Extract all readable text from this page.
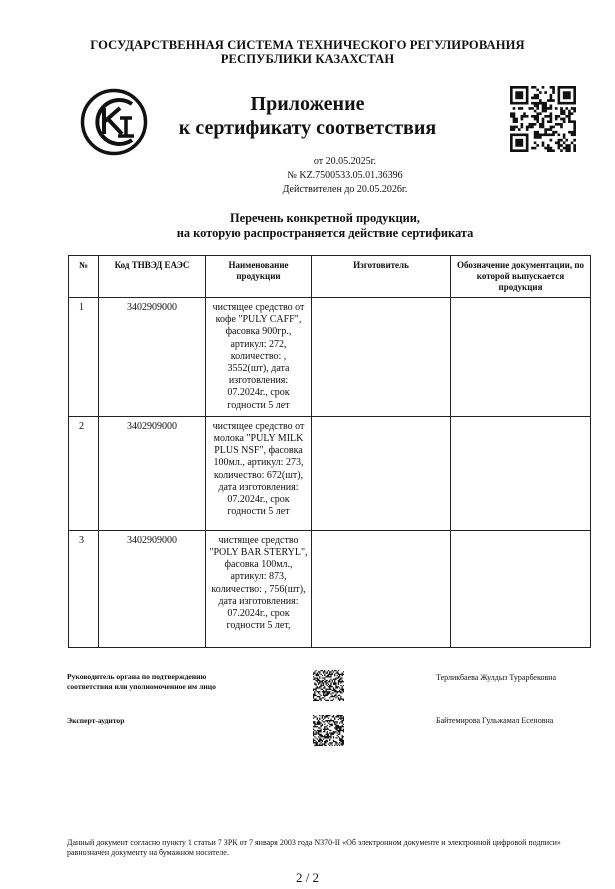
ГОСУДАРСТВЕННАЯ СИСТЕМА ТЕХНИЧЕСКОГО РЕГУЛИРОВАНИЯ
РЕСПУБЛИКИ КАЗАХСТАН
Приложение
к сертификату соответствия
от 20.05.2025г.
№ KZ.7500533.05.01.36396
Действителен до 20.05.2026г.
Перечень конкретной продукции,
на которую распространяется действие сертификата
№	Код ТНВЭД ЕАЭС	Наименование продукции	Изготовитель	Обозначение документации, по которой выпускается продукция
1	3402909000	чистящее средство от кофе "PULY CAFF", фасовка 900гр., артикул: 272, количество: , 3552(шт), дата изготовления: 07.2024г., срок годности 5 лет		
2	3402909000	чистящее средство от молока "PULY MILK PLUS NSF", фасовка 100мл., артикул: 273, количество: 672(шт), дата изготовления: 07.2024г., срок годности 5 лет		
3	3402909000	чистящее средство "POLY BAR STERYL", фасовка 100мл., артикул: 873, количество: , 756(шт), дата изготовления: 07.2024г., срок годности 5 лет,		
Руководитель органа по подтверждению соответствия или уполномоченное им лицо
Терликбаева Жулдыз Турарбековна
Эксперт-аудитор	Байтемирова Гульжамал Есеновна
Данный документ согласно пункту 1 статьи 7 ЗРК от 7 января 2003 года N370-II «Об электронном документе и электронной цифровой подписи» равнозначен документу на бумажном носителе.
2 / 2
